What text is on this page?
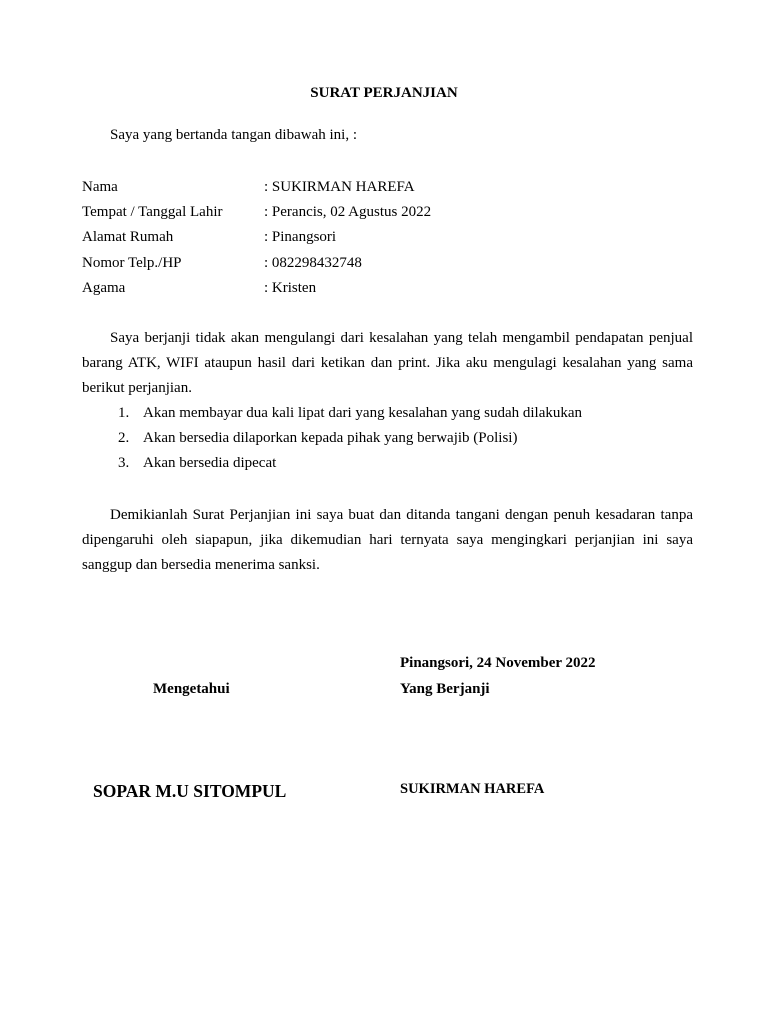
SURAT PERJANJIAN
Saya yang bertanda tangan dibawah ini, :
Nama	: SUKIRMAN HAREFA
Tempat / Tanggal Lahir	: Perancis, 02 Agustus 2022
Alamat Rumah	: Pinangsori
Nomor Telp./HP	: 082298432748
Agama	: Kristen

Saya berjanji tidak akan mengulangi dari kesalahan yang telah mengambil pendapatan penjual barang ATK, WIFI ataupun hasil dari ketikan dan print. Jika aku mengulagi kesalahan yang sama berikut perjanjian.

1. Akan membayar dua kali lipat dari yang kesalahan yang sudah dilakukan
2. Akan bersedia dilaporkan kepada pihak yang berwajib (Polisi)
3. Akan bersedia dipecat

Demikianlah Surat Perjanjian ini saya buat dan ditanda tangani dengan penuh kesadaran tanpa dipengaruhi oleh siapapun, jika dikemudian hari ternyata saya mengingkari perjanjian ini saya sanggup dan bersedia menerima sanksi.

Pinangsori, 24 November 2022
Mengetahui	Yang Berjanji
SOPAR M.U SITOMPUL	SUKIRMAN HAREFA
